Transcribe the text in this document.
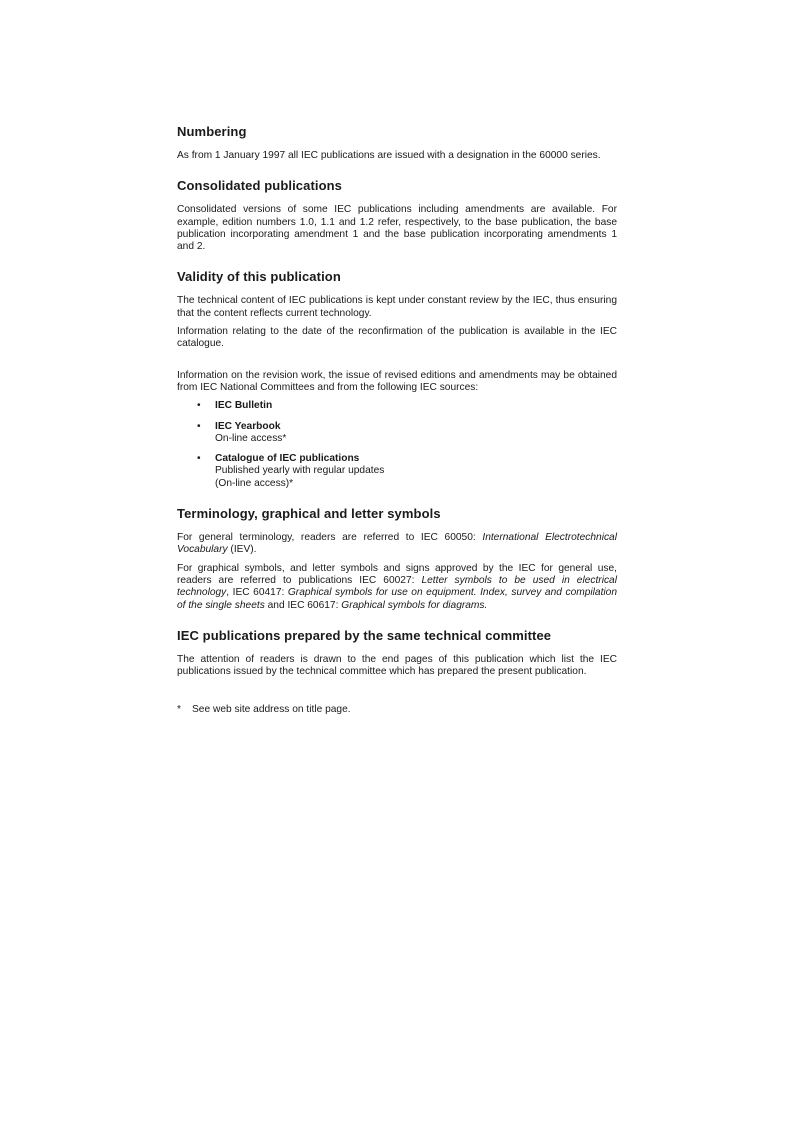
Numbering

As from 1 January 1997 all IEC publications are issued with a designation in the 60000 series.

Consolidated publications

Consolidated versions of some IEC publications including amendments are available. For example, edition numbers 1.0, 1.1 and 1.2 refer, respectively, to the base publication, the base publication incorporating amendment 1 and the base publication incorporating amendments 1 and 2.

Validity of this publication

The technical content of IEC publications is kept under constant review by the IEC, thus ensuring that the content reflects current technology.

Information relating to the date of the reconfirmation of the publication is available in the IEC catalogue.

Information on the revision work, the issue of revised editions and amendments may be obtained from IEC National Committees and from the following IEC sources:

• IEC Bulletin
• IEC Yearbook
On-line access*
• Catalogue of IEC publications
Published yearly with regular updates
(On-line access)*
Terminology, graphical and letter symbols

For general terminology, readers are referred to IEC 60050: International Electrotechnical Vocabulary (IEV).

For graphical symbols, and letter symbols and signs approved by the IEC for general use, readers are referred to publications IEC 60027: Letter symbols to be used in electrical technology, IEC 60417: Graphical symbols for use on equipment. Index, survey and compilation of the single sheets and IEC 60617: Graphical symbols for diagrams.

IEC publications prepared by the same technical committee

The attention of readers is drawn to the end pages of this publication which list the IEC publications issued by the technical committee which has prepared the present publication.

* See web site address on title page.
